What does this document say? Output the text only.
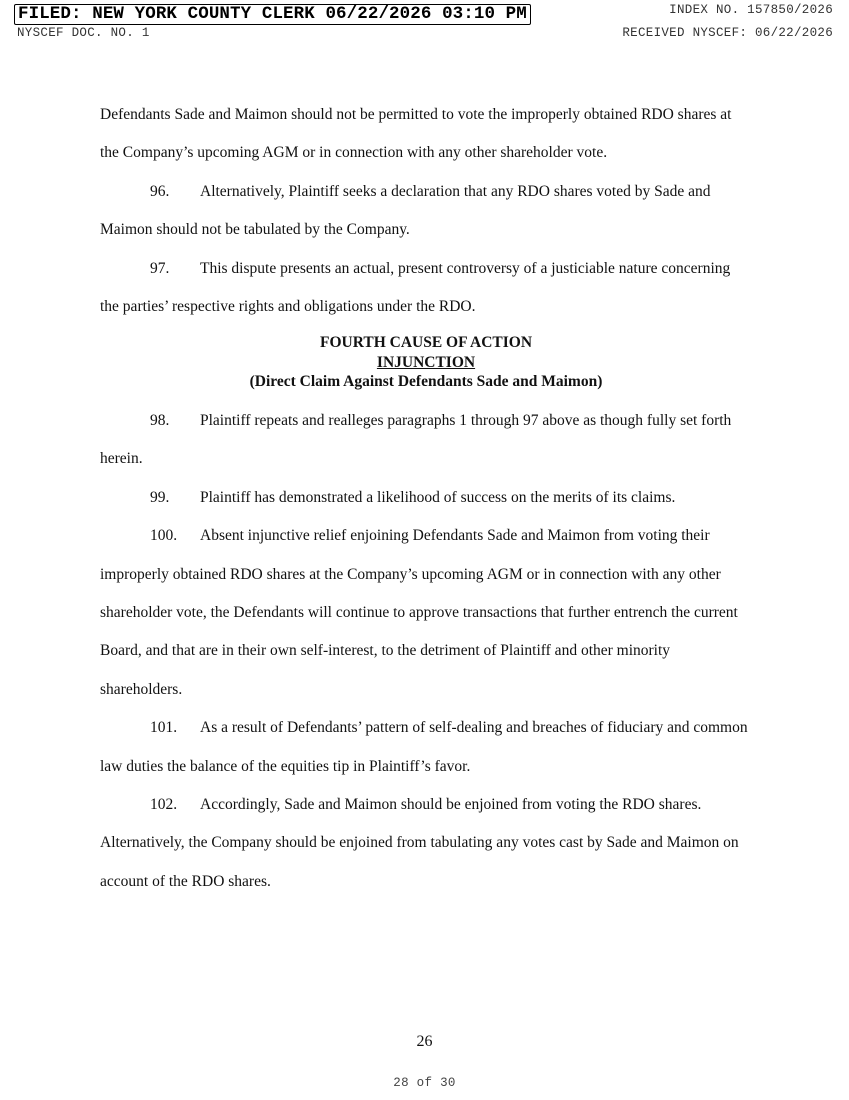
FILED: NEW YORK COUNTY CLERK 06/22/2026 03:10 PM
NYSCEF DOC. NO. 1
INDEX NO. 157850/2026
RECEIVED NYSCEF: 06/22/2026

Defendants Sade and Maimon should not be permitted to vote the improperly obtained RDO shares at the Company’s upcoming AGM or in connection with any other shareholder vote.

96. Alternatively, Plaintiff seeks a declaration that any RDO shares voted by Sade and Maimon should not be tabulated by the Company.

97. This dispute presents an actual, present controversy of a justiciable nature concerning the parties’ respective rights and obligations under the RDO.

FOURTH CAUSE OF ACTION
INJUNCTION
(Direct Claim Against Defendants Sade and Maimon)

98. Plaintiff repeats and realleges paragraphs 1 through 97 above as though fully set forth herein.

99. Plaintiff has demonstrated a likelihood of success on the merits of its claims.

100. Absent injunctive relief enjoining Defendants Sade and Maimon from voting their improperly obtained RDO shares at the Company’s upcoming AGM or in connection with any other shareholder vote, the Defendants will continue to approve transactions that further entrench the current Board, and that are in their own self-interest, to the detriment of Plaintiff and other minority shareholders.

101. As a result of Defendants’ pattern of self-dealing and breaches of fiduciary and common law duties the balance of the equities tip in Plaintiff’s favor.

102. Accordingly, Sade and Maimon should be enjoined from voting the RDO shares. Alternatively, the Company should be enjoined from tabulating any votes cast by Sade and Maimon on account of the RDO shares.

26
28 of 30
